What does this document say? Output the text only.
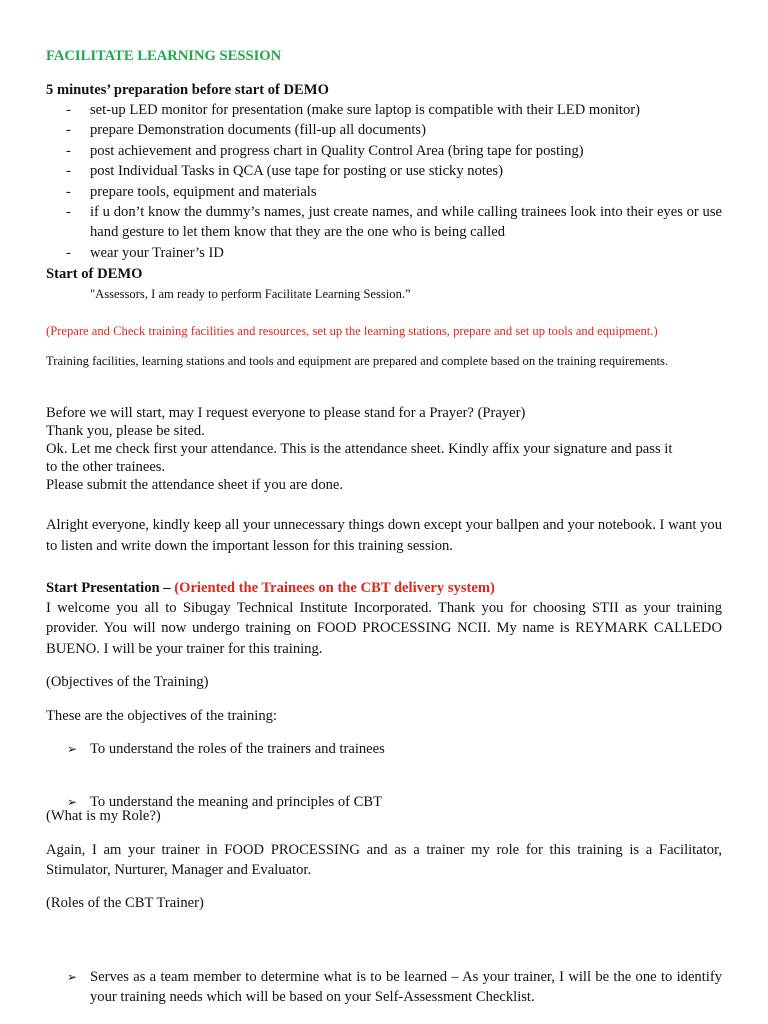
FACILITATE LEARNING SESSION
5 minutes’ preparation before start of DEMO
- set-up LED monitor for presentation (make sure laptop is compatible with their LED monitor)
- prepare Demonstration documents (fill-up all documents)
- post achievement and progress chart in Quality Control Area (bring tape for posting)
- post Individual Tasks in QCA (use tape for posting or use sticky notes)
- prepare tools, equipment and materials
- if u don’t know the dummy’s names, just create names, and while calling trainees look into their eyes or use hand gesture to let them know that they are the one who is being called
- wear your Trainer’s ID
Start of DEMO
"Assessors, I am ready to perform Facilitate Learning Session.”
(Prepare and Check training facilities and resources, set up the learning stations, prepare and set up tools and equipment.)
Training facilities, learning stations and tools and equipment are prepared and complete based on the training requirements.
Before we will start, may I request everyone to please stand for a Prayer? (Prayer)
Thank you, please be sited.
Ok. Let me check first your attendance. This is the attendance sheet. Kindly affix your signature and pass it
to the other trainees.
Please submit the attendance sheet if you are done.
Alright everyone, kindly keep all your unnecessary things down except your ballpen and your notebook. I want you to listen and write down the important lesson for this training session.
Start Presentation – (Oriented the Trainees on the CBT delivery system)
I welcome you all to Sibugay Technical Institute Incorporated. Thank you for choosing STII as your training provider. You will now undergo training on FOOD PROCESSING NCII. My name is REYMARK CALLEDO BUENO. I will be your trainer for this training.
(Objectives of the Training)
These are the objectives of the training:
➢ To understand the roles of the trainers and trainees
➢ To understand the meaning and principles of CBT
(What is my Role?)
Again, I am your trainer in FOOD PROCESSING and as a trainer my role for this training is a Facilitator, Stimulator, Nurturer, Manager and Evaluator.
(Roles of the CBT Trainer)
➢ Serves as a team member to determine what is to be learned – As your trainer, I will be the one to identify your training needs which will be based on your Self-Assessment Checklist.
